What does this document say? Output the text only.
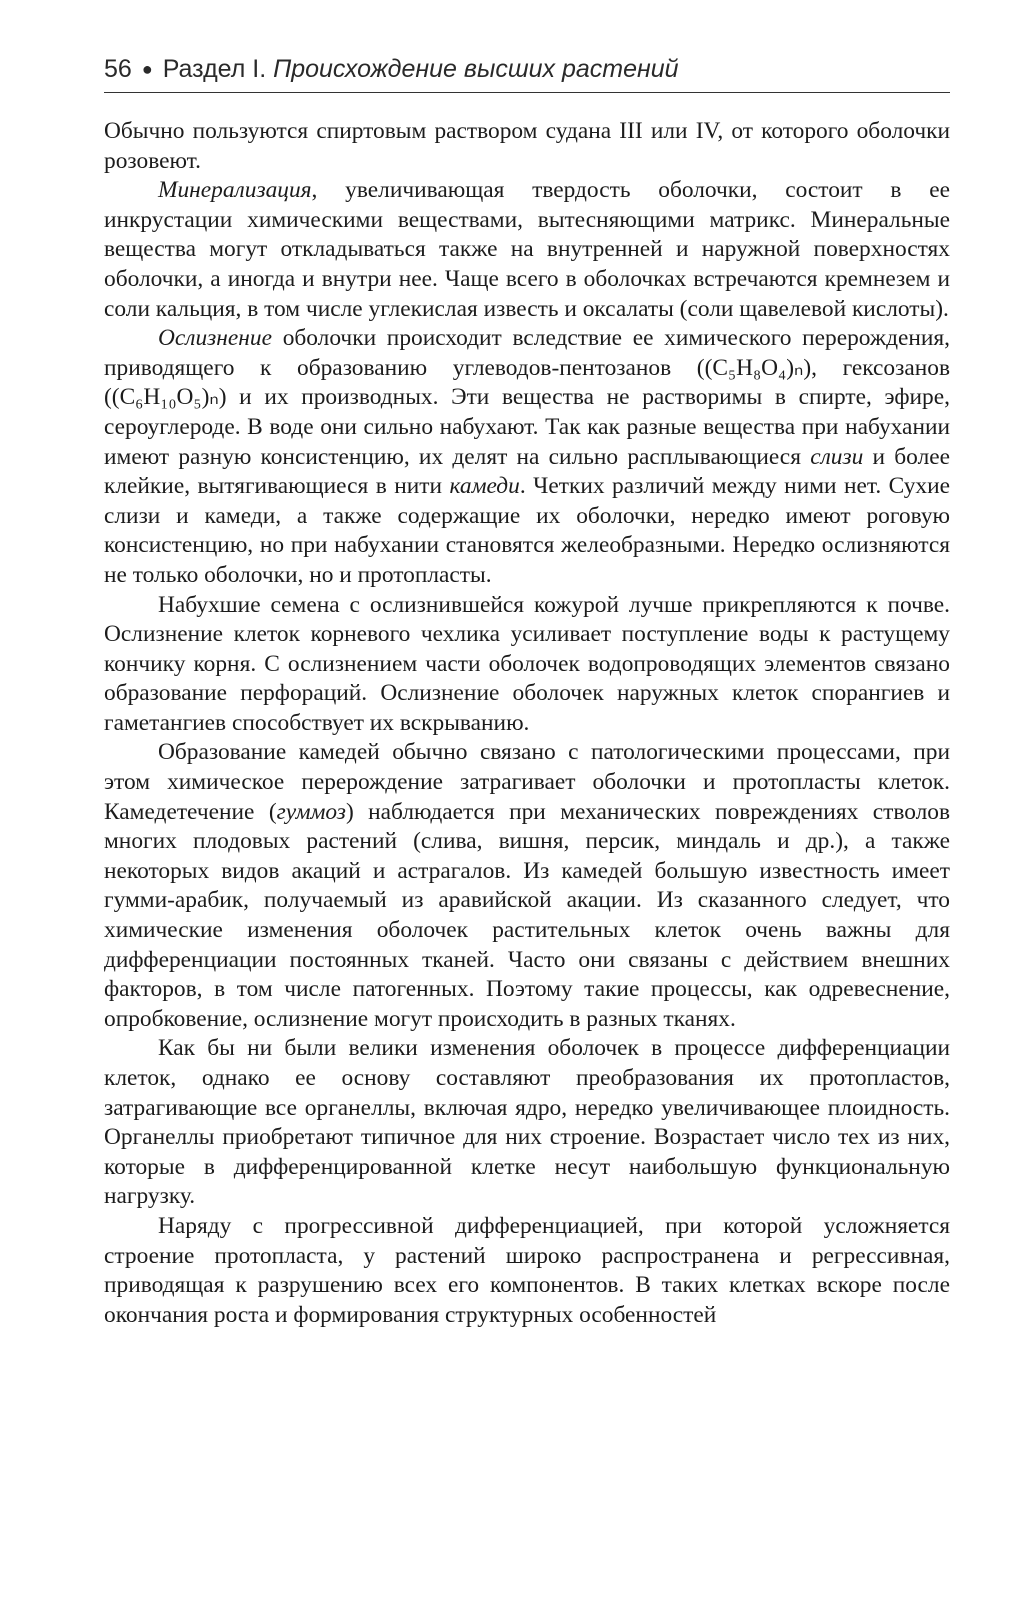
56 ● Раздел I. Происхождение высших растений

Обычно пользуются спиртовым раствором судана III или IV, от которого оболочки розовеют.

Минерализация, увеличивающая твердость оболочки, состоит в ее инкрустации химическими веществами, вытесняющими матрикс. Минеральные вещества могут откладываться также на внутренней и наружной поверхностях оболочки, а иногда и внутри нее. Чаще всего в оболочках встречаются кремнезем и соли кальция, в том числе углекислая известь и оксалаты (соли щавелевой кислоты).

Ослизнение оболочки происходит вследствие ее химического перерождения, приводящего к образованию углеводов-пентозанов ((C₅H₈O₄)ₙ), гексозанов ((C₆H₁₀O₅)ₙ) и их производных. Эти вещества не растворимы в спирте, эфире, сероуглероде. В воде они сильно набухают. Так как разные вещества при набухании имеют разную консистенцию, их делят на сильно расплывающиеся слизи и более клейкие, вытягивающиеся в нити камеди. Четких различий между ними нет. Сухие слизи и камеди, а также содержащие их оболочки, нередко имеют роговую консистенцию, но при набухании становятся желеобразными. Нередко ослизняются не только оболочки, но и протопласты.

Набухшие семена с ослизнившейся кожурой лучше прикрепляются к почве. Ослизнение клеток корневого чехлика усиливает поступление воды к растущему кончику корня. С ослизнением части оболочек водопроводящих элементов связано образование перфораций. Ослизнение оболочек наружных клеток спорангиев и гаметангиев способствует их вскрыванию.

Образование камедей обычно связано с патологическими процессами, при этом химическое перерождение затрагивает оболочки и протопласты клеток. Камедетечение (гуммоз) наблюдается при механических повреждениях стволов многих плодовых растений (слива, вишня, персик, миндаль и др.), а также некоторых видов акаций и астрагалов. Из камедей большую известность имеет гумми-арабик, получаемый из аравийской акации. Из сказанного следует, что химические изменения оболочек растительных клеток очень важны для дифференциации постоянных тканей. Часто они связаны с действием внешних факторов, в том числе патогенных. Поэтому такие процессы, как одревеснение, опробковение, ослизнение могут происходить в разных тканях.

Как бы ни были велики изменения оболочек в процессе дифференциации клеток, однако ее основу составляют преобразования их протопластов, затрагивающие все органеллы, включая ядро, нередко увеличивающее плоидность. Органеллы приобретают типичное для них строение. Возрастает число тех из них, которые в дифференцированной клетке несут наибольшую функциональную нагрузку.

Наряду с прогрессивной дифференциацией, при которой усложняется строение протопласта, у растений широко распространена и регрессивная, приводящая к разрушению всех его компонентов. В таких клетках вскоре после окончания роста и формирования структурных особенностей
